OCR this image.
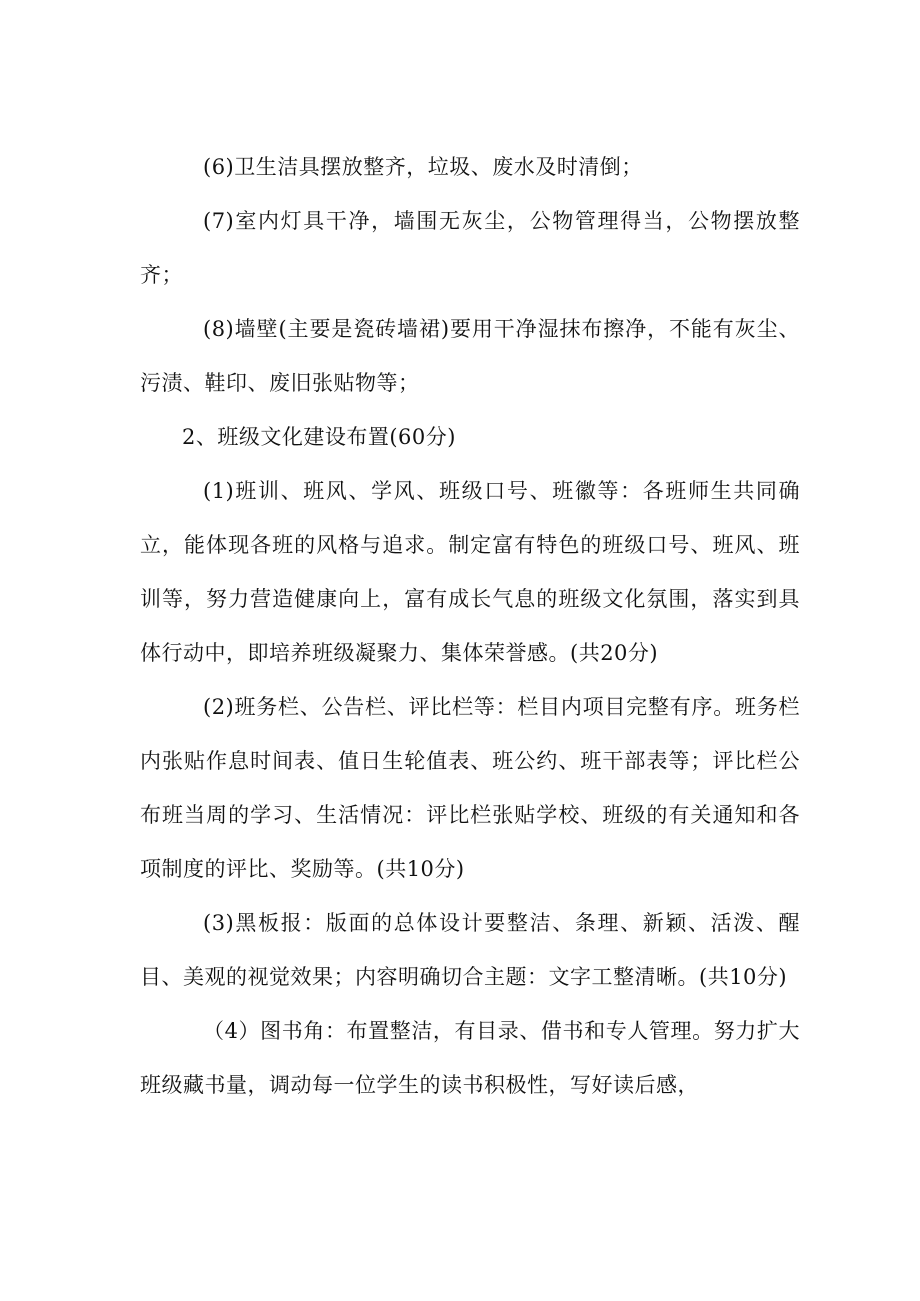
(6)卫生洁具摆放整齐，垃圾、废水及时清倒；

(7)室内灯具干净，墙围无灰尘，公物管理得当，公物摆放整齐；

(8)墙壁(主要是瓷砖墙裙)要用干净湿抹布擦净，不能有灰尘、污渍、鞋印、废旧张贴物等；

2、班级文化建设布置(60分)

(1)班训、班风、学风、班级口号、班徽等：各班师生共同确立，能体现各班的风格与追求。制定富有特色的班级口号、班风、班训等，努力营造健康向上，富有成长气息的班级文化氛围，落实到具体行动中，即培养班级凝聚力、集体荣誉感。(共20分)

(2)班务栏、公告栏、评比栏等：栏目内项目完整有序。班务栏内张贴作息时间表、值日生轮值表、班公约、班干部表等；评比栏公布班当周的学习、生活情况：评比栏张贴学校、班级的有关通知和各项制度的评比、奖励等。(共10分)

(3)黑板报：版面的总体设计要整洁、条理、新颖、活泼、醒目、美观的视觉效果；内容明确切合主题：文字工整清晰。(共10分)

（4）图书角：布置整洁，有目录、借书和专人管理。努力扩大班级藏书量，调动每一位学生的读书积极性，写好读后感，
